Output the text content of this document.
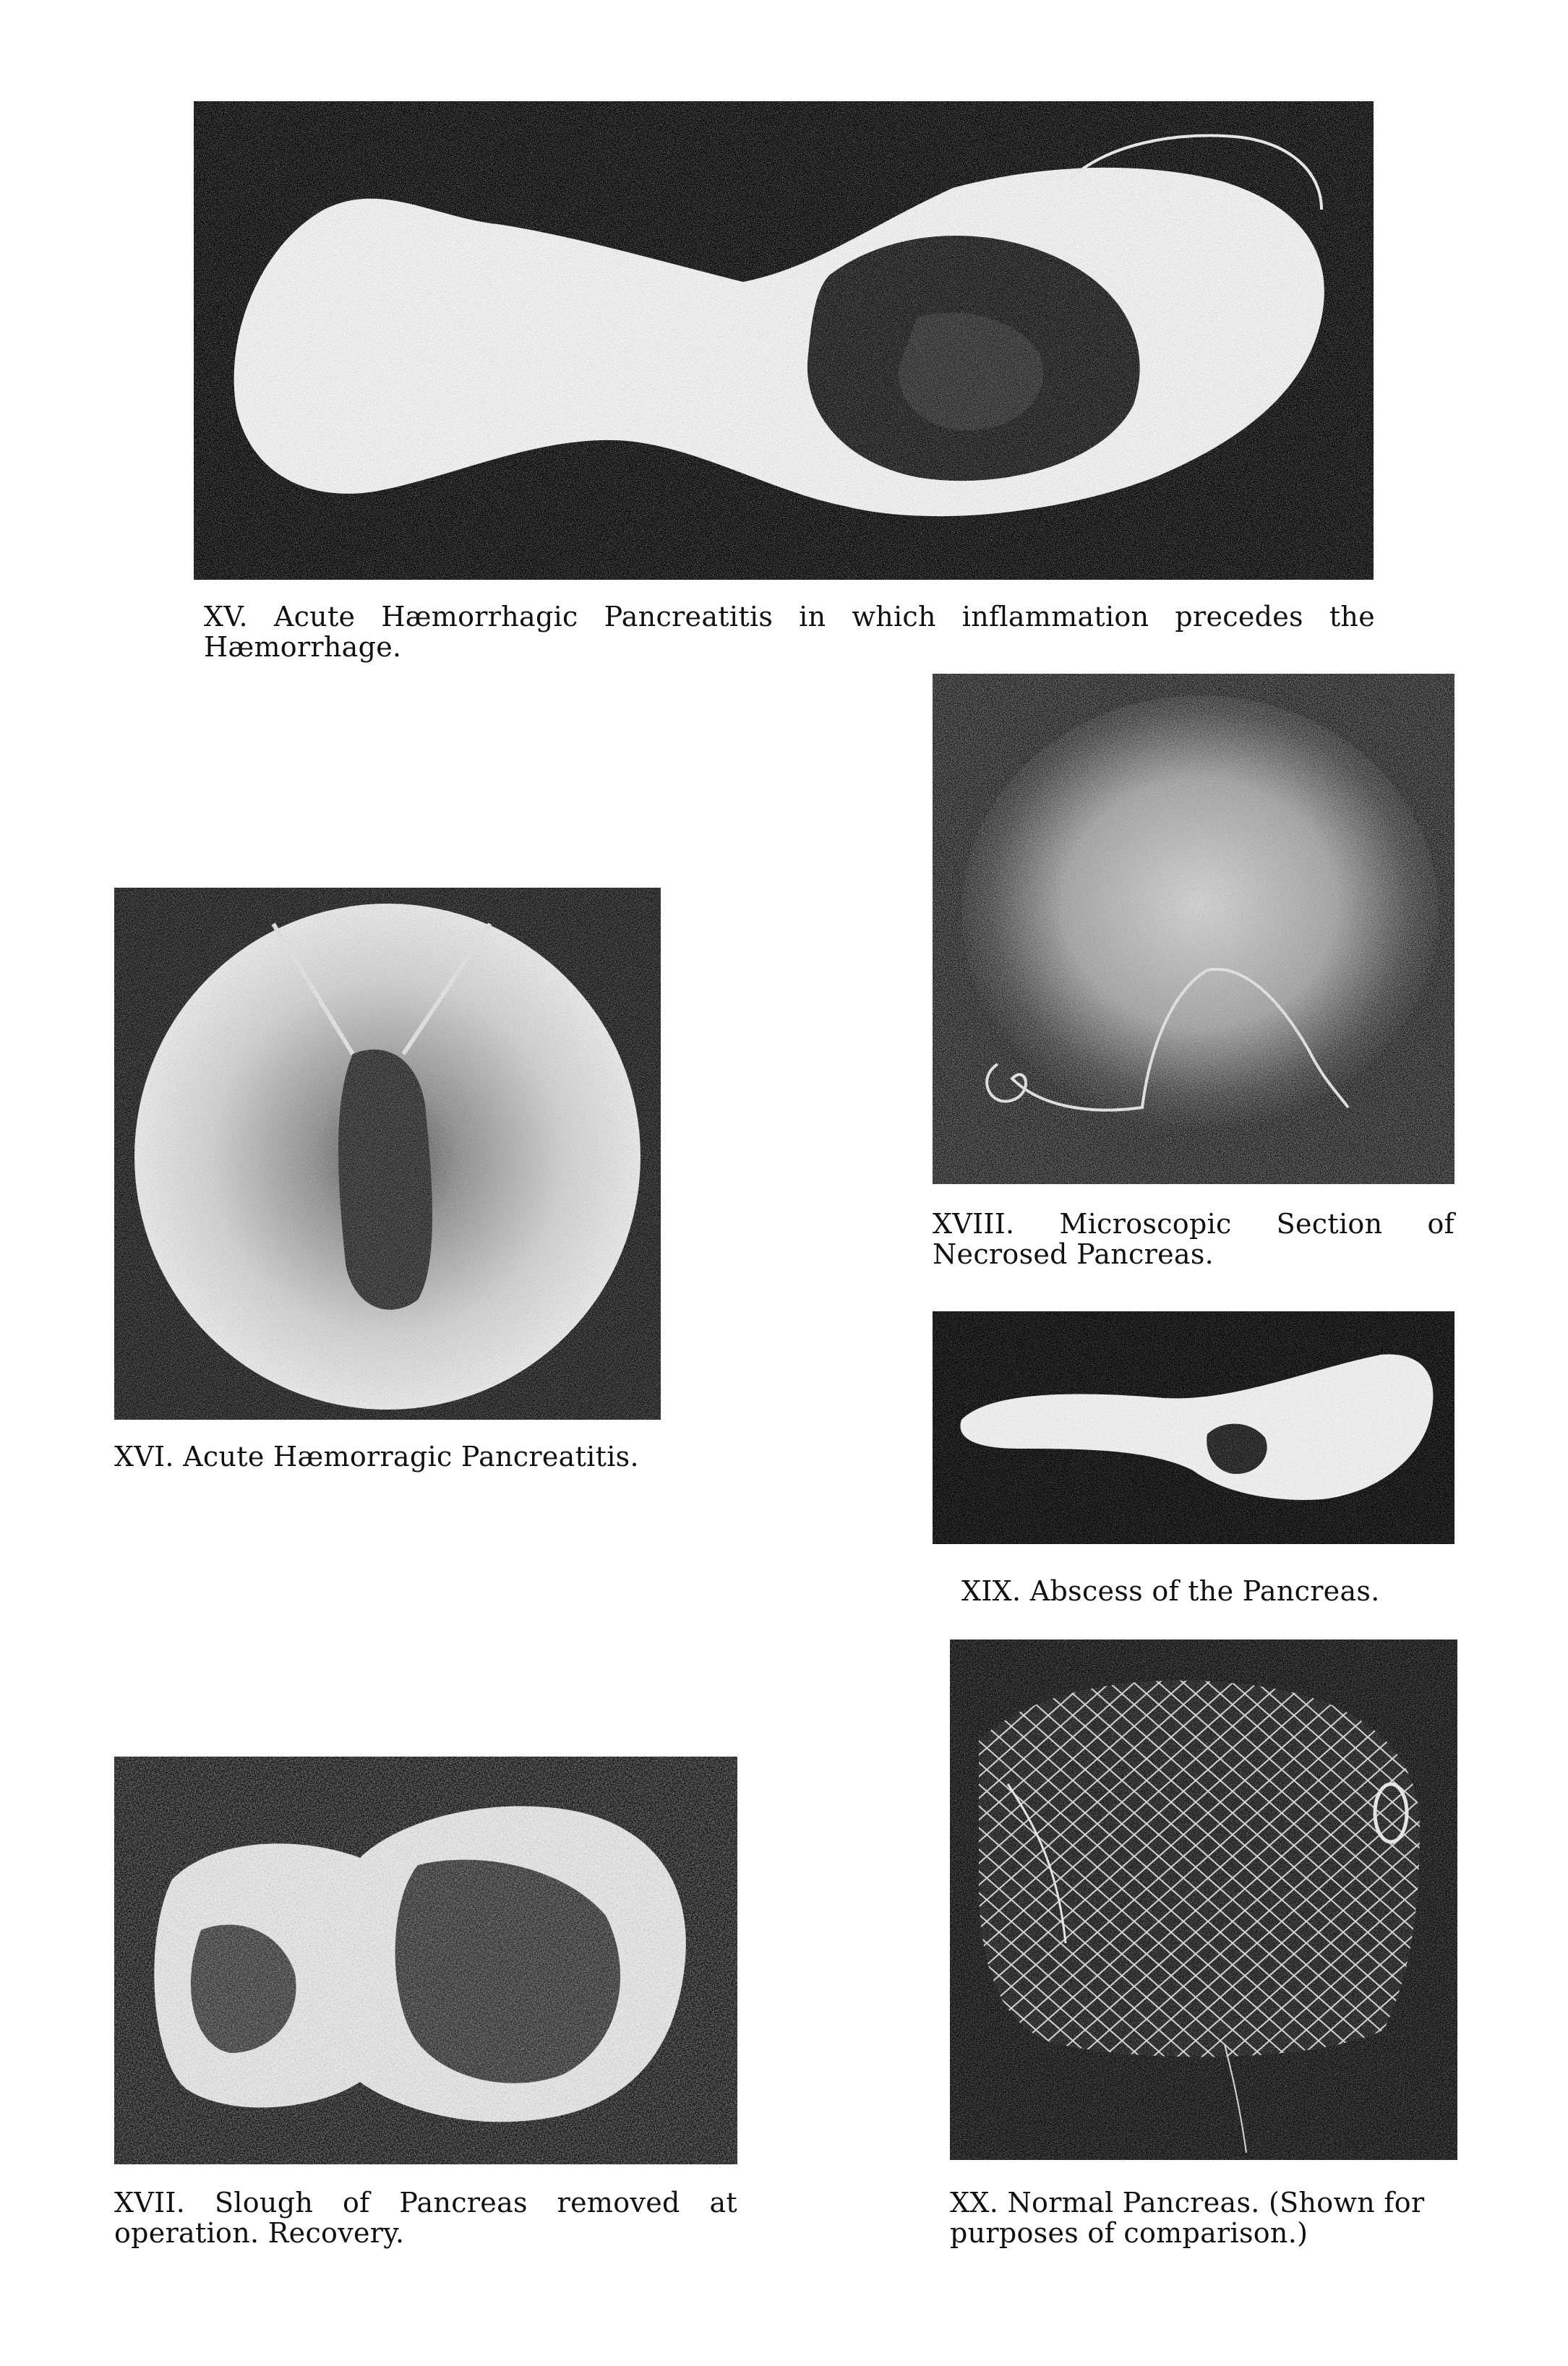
XV. Acute Hæmorrhagic Pancreatitis in which inflammation precedes the Hæmorrhage.
XVIII. Microscopic Section of Necrosed Pancreas.
XVI. Acute Hæmorragic Pancreatitis.
XIX. Abscess of the Pancreas.
XX. Normal Pancreas. (Shown for purposes of comparison.)
XVII. Slough of Pancreas removed at operation. Recovery.
